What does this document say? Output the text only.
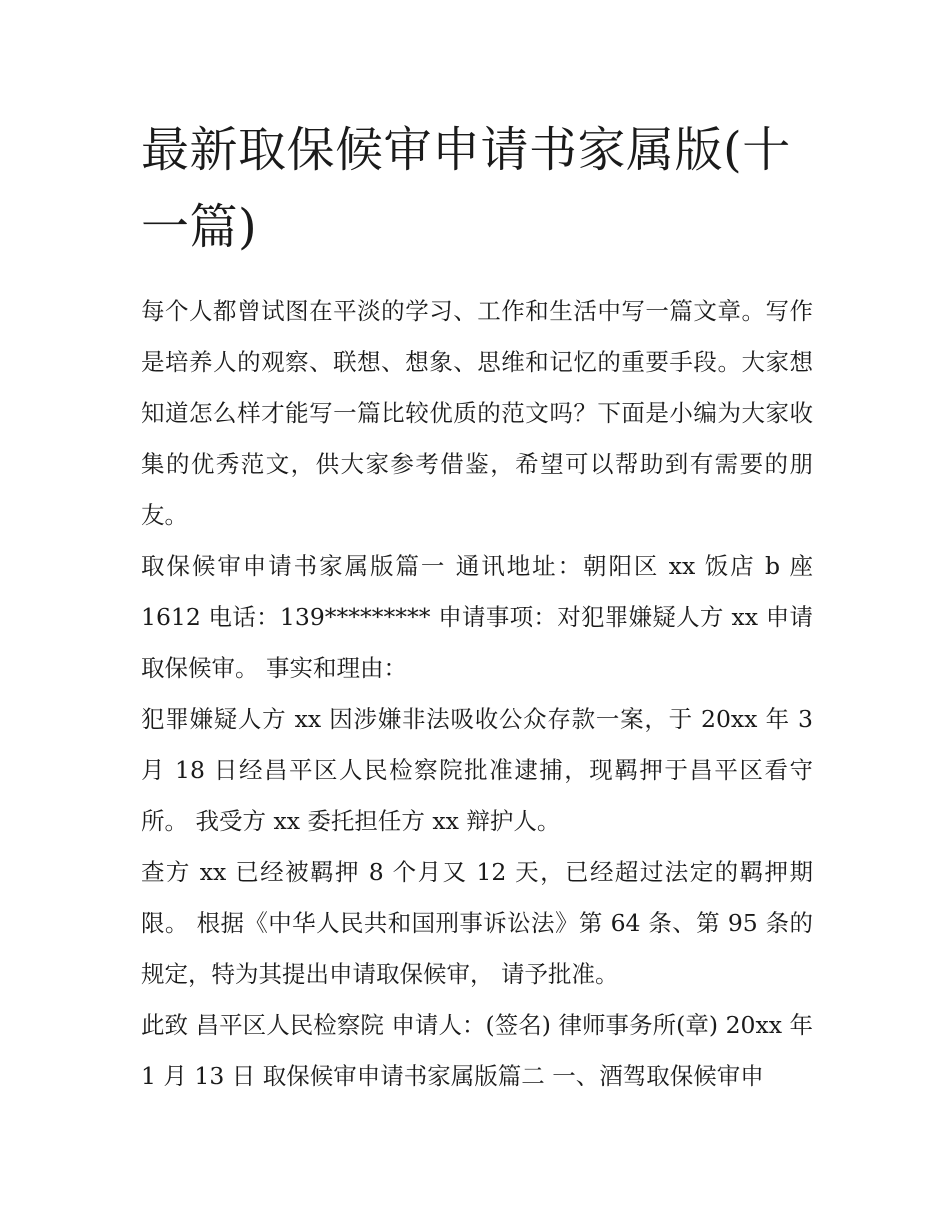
最新取保候审申请书家属版(十一篇)

每个人都曾试图在平淡的学习、工作和生活中写一篇文章。写作是培养人的观察、联想、想象、思维和记忆的重要手段。大家想知道怎么样才能写一篇比较优质的范文吗？下面是小编为大家收集的优秀范文，供大家参考借鉴，希望可以帮助到有需要的朋友。

取保候审申请书家属版篇一 通讯地址：朝阳区 xx 饭店 b 座 1612 电话：139********* 申请事项：对犯罪嫌疑人方 xx 申请取保候审。 事实和理由：

犯罪嫌疑人方 xx 因涉嫌非法吸收公众存款一案，于 20xx 年 3 月 18 日经昌平区人民检察院批准逮捕，现羁押于昌平区看守所。 我受方 xx 委托担任方 xx 辩护人。

查方 xx 已经被羁押 8 个月又 12 天，已经超过法定的羁押期限。 根据《中华人民共和国刑事诉讼法》第 64 条、第 95 条的规定，特为其提出申请取保候审， 请予批准。

此致 昌平区人民检察院 申请人：(签名) 律师事务所(章) 20xx 年 1 月 13 日 取保候审申请书家属版篇二 一、酒驾取保候审申
